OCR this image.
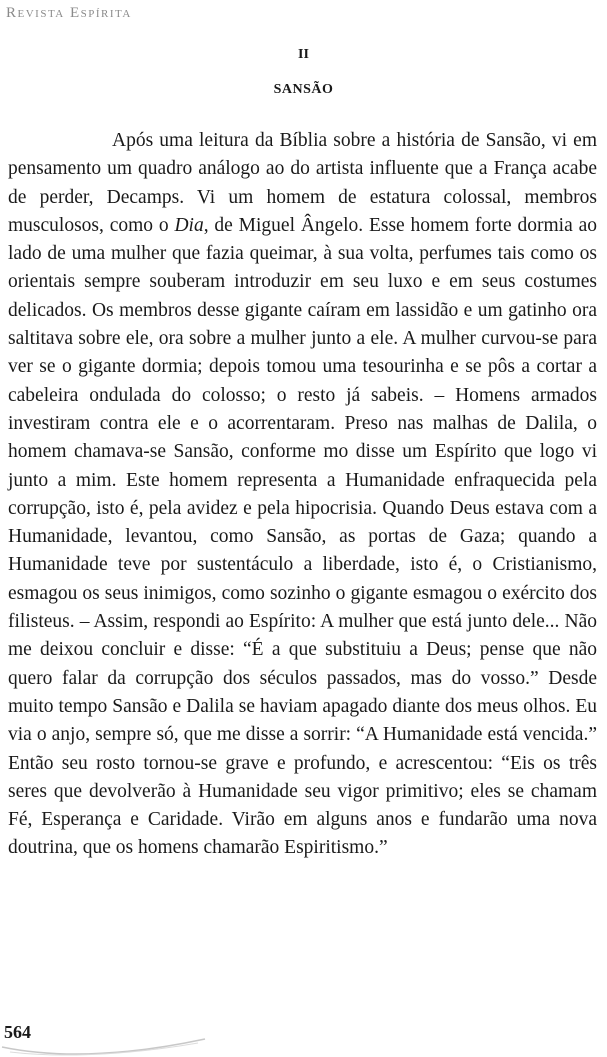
Revista Espírita
II
SANSÃO

Após uma leitura da Bíblia sobre a história de Sansão, vi em pensamento um quadro análogo ao do artista influente que a França acabe de perder, Decamps. Vi um homem de estatura colossal, membros musculosos, como o Dia, de Miguel Ângelo. Esse homem forte dormia ao lado de uma mulher que fazia queimar, à sua volta, perfumes tais como os orientais sempre souberam introduzir em seu luxo e em seus costumes delicados. Os membros desse gigante caíram em lassidão e um gatinho ora saltitava sobre ele, ora sobre a mulher junto a ele. A mulher curvou-se para ver se o gigante dormia; depois tomou uma tesourinha e se pôs a cortar a cabeleira ondulada do colosso; o resto já sabeis. – Homens armados investiram contra ele e o acorrentaram. Preso nas malhas de Dalila, o homem chamava-se Sansão, conforme mo disse um Espírito que logo vi junto a mim. Este homem representa a Humanidade enfraquecida pela corrupção, isto é, pela avidez e pela hipocrisia. Quando Deus estava com a Humanidade, levantou, como Sansão, as portas de Gaza; quando a Humanidade teve por sustentáculo a liberdade, isto é, o Cristianismo, esmagou os seus inimigos, como sozinho o gigante esmagou o exército dos filisteus. – Assim, respondi ao Espírito: A mulher que está junto dele... Não me deixou concluir e disse: “É a que substituiu a Deus; pense que não quero falar da corrupção dos séculos passados, mas do vosso.” Desde muito tempo Sansão e Dalila se haviam apagado diante dos meus olhos. Eu via o anjo, sempre só, que me disse a sorrir: “A Humanidade está vencida.” Então seu rosto tornou-se grave e profundo, e acrescentou: “Eis os três seres que devolverão à Humanidade seu vigor primitivo; eles se chamam Fé, Esperança e Caridade. Virão em alguns anos e fundarão uma nova doutrina, que os homens chamarão Espiritismo.”

564
